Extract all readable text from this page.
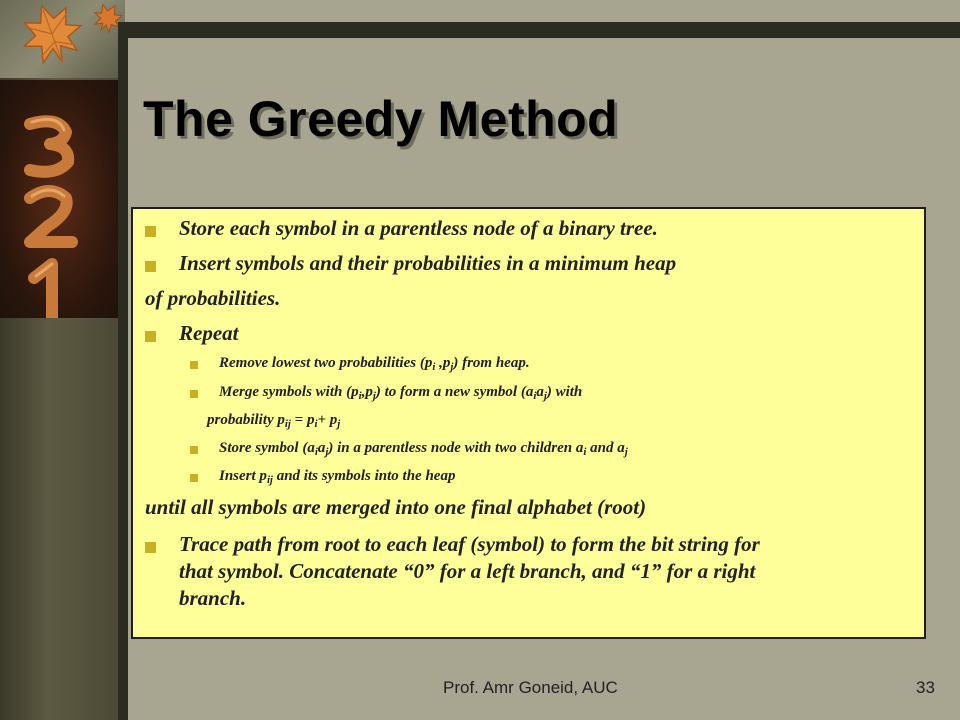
The Greedy Method
Store each symbol in a parentless node of a binary tree.
Insert symbols and their probabilities in a minimum heap
of probabilities.
Repeat
Remove lowest two probabilities ($p_i$ $,p_j$) from heap.
Merge symbols with $(p_i,p_j)$ to form a new symbol $(a_ia_j)$ with
probability $p_{ij} = p_i+ p_j$
Store symbol $(a_ia_j)$ in a parentless node with two children $a_i$ and $a_j$
Insert $p_{ij}$ and its symbols into the heap
until all symbols are merged into one final alphabet (root)
Trace path from root to each leaf (symbol) to form the bit string for
that symbol. Concatenate “0” for a left branch, and “1” for a right
branch.
Prof. Amr Goneid, AUC	33
